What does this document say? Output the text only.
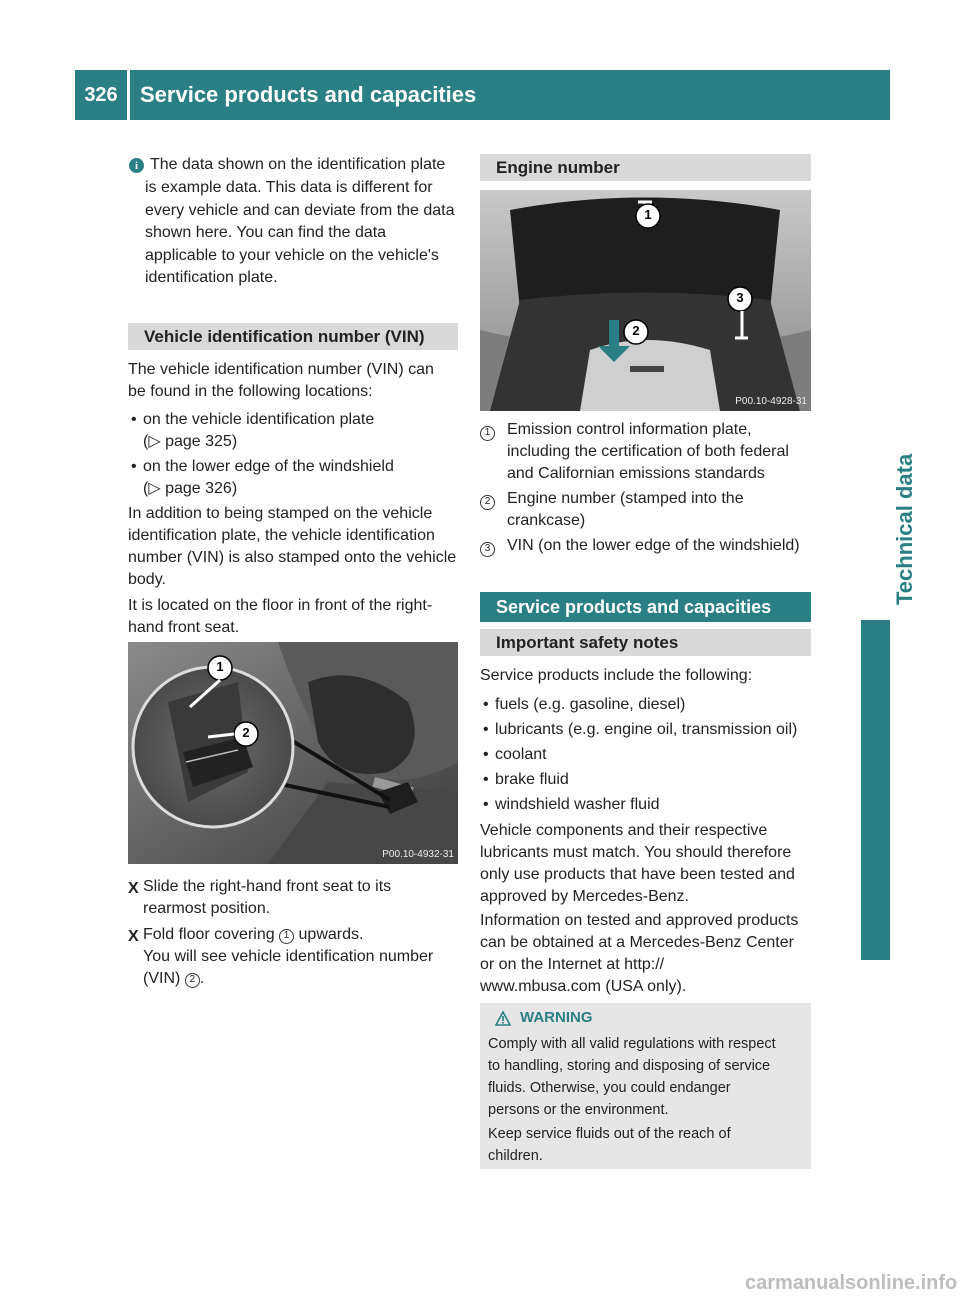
326	Service products and capacities
Technical data
i The data shown on the identification plate
is example data. This data is different for
every vehicle and can deviate from the data
shown here. You can find the data
applicable to your vehicle on the vehicle's
identification plate.
Vehicle identification number (VIN)
The vehicle identification number (VIN) can
be found in the following locations:
• on the vehicle identification plate
(▷ page 325)
• on the lower edge of the windshield
(▷ page 326)
In addition to being stamped on the vehicle
identification plate, the vehicle identification
number (VIN) is also stamped onto the vehicle
body.
It is located on the floor in front of the right-
hand front seat.
1
2
P00.10-4932-31
X Slide the right-hand front seat to its
rearmost position.
X Fold floor covering 1 upwards.
You will see vehicle identification number
(VIN) 2 .
Engine number
1
3
2
P00.10-4928-31
1 Emission control information plate,
including the certification of both federal
and Californian emissions standards
2 Engine number (stamped into the
crankcase)
3 VIN (on the lower edge of the windshield)
Service products and capacities
Important safety notes
Service products include the following:
• fuels (e.g. gasoline, diesel)
• lubricants (e.g. engine oil, transmission oil)
• coolant
• brake fluid
• windshield washer fluid
Vehicle components and their respective
lubricants must match. You should therefore
only use products that have been tested and
approved by Mercedes-Benz.
Information on tested and approved products
can be obtained at a Mercedes-Benz Center
or on the Internet at http://
www.mbusa.com (USA only).
WARNING
Comply with all valid regulations with respect
to handling, storing and disposing of service
fluids. Otherwise, you could endanger
persons or the environment.
Keep service fluids out of the reach of
children.
carmanualsonline.info
